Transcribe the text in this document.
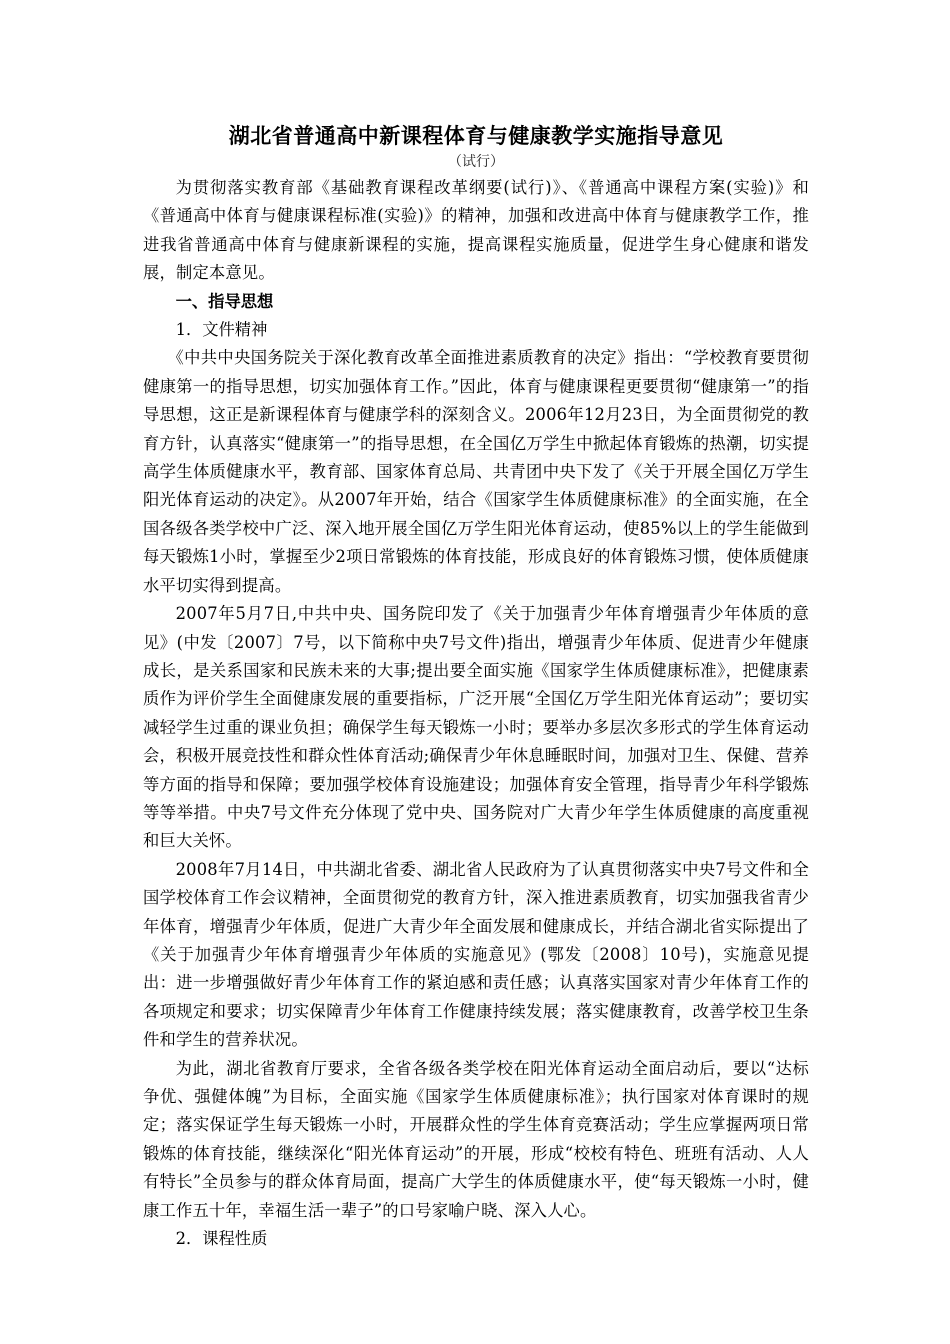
湖北省普通高中新课程体育与健康教学实施指导意见

（试行）

为贯彻落实教育部《基础教育课程改革纲要(试行)》、《普通高中课程方案(实验)》和《普通高中体育与健康课程标准(实验)》的精神，加强和改进高中体育与健康教学工作，推进我省普通高中体育与健康新课程的实施，提高课程实施质量，促进学生身心健康和谐发展，制定本意见。

一、指导思想

1．文件精神

《中共中央国务院关于深化教育改革全面推进素质教育的决定》指出：“学校教育要贯彻健康第一的指导思想，切实加强体育工作。”因此，体育与健康课程更要贯彻“健康第一”的指导思想，这正是新课程体育与健康学科的深刻含义。2006年12月23日，为全面贯彻党的教育方针，认真落实“健康第一”的指导思想，在全国亿万学生中掀起体育锻炼的热潮，切实提高学生体质健康水平，教育部、国家体育总局、共青团中央下发了《关于开展全国亿万学生阳光体育运动的决定》。从2007年开始，结合《国家学生体质健康标准》的全面实施，在全国各级各类学校中广泛、深入地开展全国亿万学生阳光体育运动，使85%以上的学生能做到每天锻炼1小时，掌握至少2项日常锻炼的体育技能，形成良好的体育锻炼习惯，使体质健康水平切实得到提高。

2007年5月7日,中共中央、国务院印发了《关于加强青少年体育增强青少年体质的意见》(中发〔2007〕7号，以下简称中央7号文件)指出，增强青少年体质、促进青少年健康成长，是关系国家和民族未来的大事;提出要全面实施《国家学生体质健康标准》，把健康素质作为评价学生全面健康发展的重要指标，广泛开展“全国亿万学生阳光体育运动”；要切实减轻学生过重的课业负担；确保学生每天锻炼一小时；要举办多层次多形式的学生体育运动会，积极开展竞技性和群众性体育活动;确保青少年休息睡眠时间，加强对卫生、保健、营养等方面的指导和保障；要加强学校体育设施建设；加强体育安全管理，指导青少年科学锻炼等等举措。中央7号文件充分体现了党中央、国务院对广大青少年学生体质健康的高度重视和巨大关怀。

2008年7月14日，中共湖北省委、湖北省人民政府为了认真贯彻落实中央7号文件和全国学校体育工作会议精神，全面贯彻党的教育方针，深入推进素质教育，切实加强我省青少年体育，增强青少年体质，促进广大青少年全面发展和健康成长，并结合湖北省实际提出了《关于加强青少年体育增强青少年体质的实施意见》(鄂发〔2008〕10号)，实施意见提出：进一步增强做好青少年体育工作的紧迫感和责任感；认真落实国家对青少年体育工作的各项规定和要求；切实保障青少年体育工作健康持续发展；落实健康教育，改善学校卫生条件和学生的营养状况。

为此，湖北省教育厅要求，全省各级各类学校在阳光体育运动全面启动后，要以“达标争优、强健体魄”为目标，全面实施《国家学生体质健康标准》；执行国家对体育课时的规定；落实保证学生每天锻炼一小时，开展群众性的学生体育竞赛活动；学生应掌握两项日常锻炼的体育技能，继续深化“阳光体育运动”的开展，形成“校校有特色、班班有活动、人人有特长”全员参与的群众体育局面，提高广大学生的体质健康水平，使“每天锻炼一小时，健康工作五十年，幸福生活一辈子”的口号家喻户晓、深入人心。

2．课程性质
